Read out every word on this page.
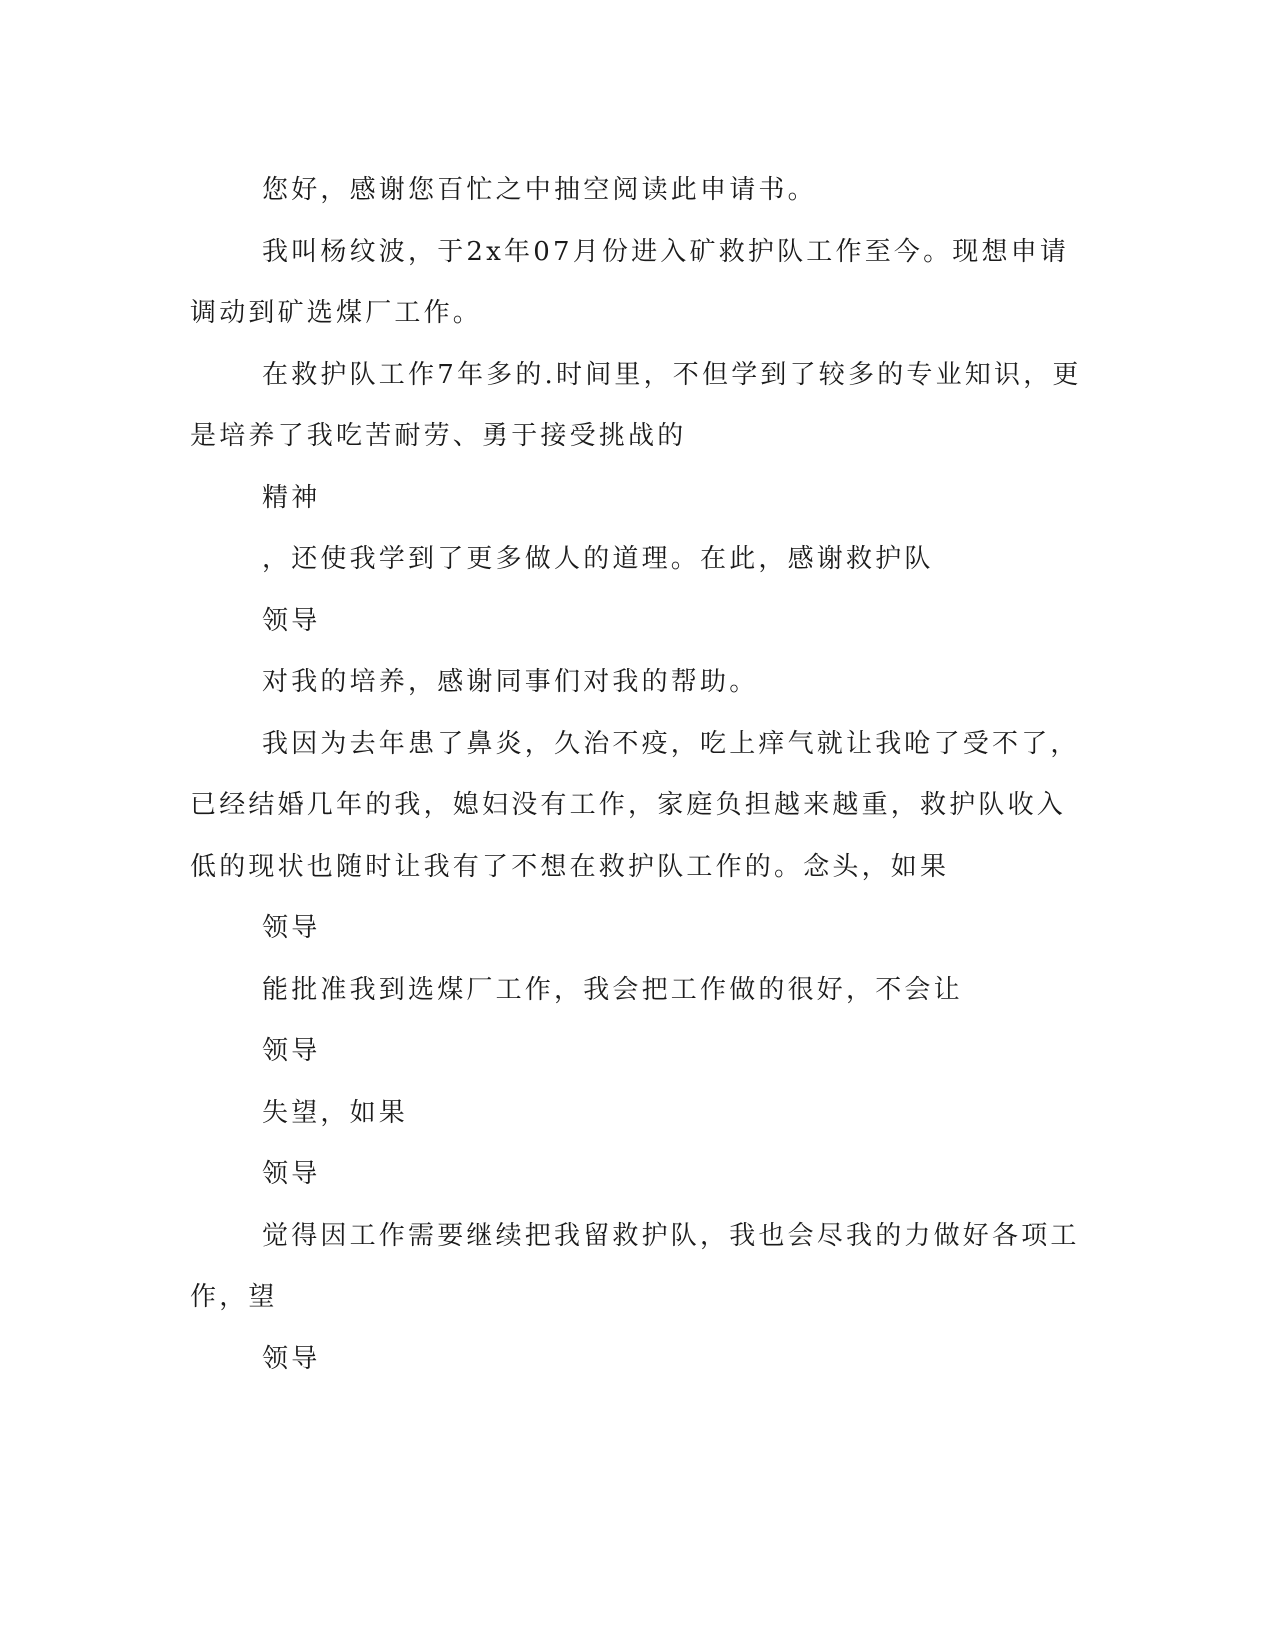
您好，感谢您百忙之中抽空阅读此申请书。

我叫杨纹波，于2x年07月份进入矿救护队工作至今。现想申请调动到矿选煤厂工作。

在救护队工作7年多的.时间里，不但学到了较多的专业知识，更是培养了我吃苦耐劳、勇于接受挑战的

精神

，还使我学到了更多做人的道理。在此，感谢救护队

领导

对我的培养，感谢同事们对我的帮助。

我因为去年患了鼻炎，久治不疫，吃上痒气就让我呛了受不了，已经结婚几年的我，媳妇没有工作，家庭负担越来越重，救护队收入低的现状也随时让我有了不想在救护队工作的。念头，如果

领导

能批准我到选煤厂工作，我会把工作做的很好，不会让

领导

失望，如果

领导

觉得因工作需要继续把我留救护队，我也会尽我的力做好各项工作，望

领导
